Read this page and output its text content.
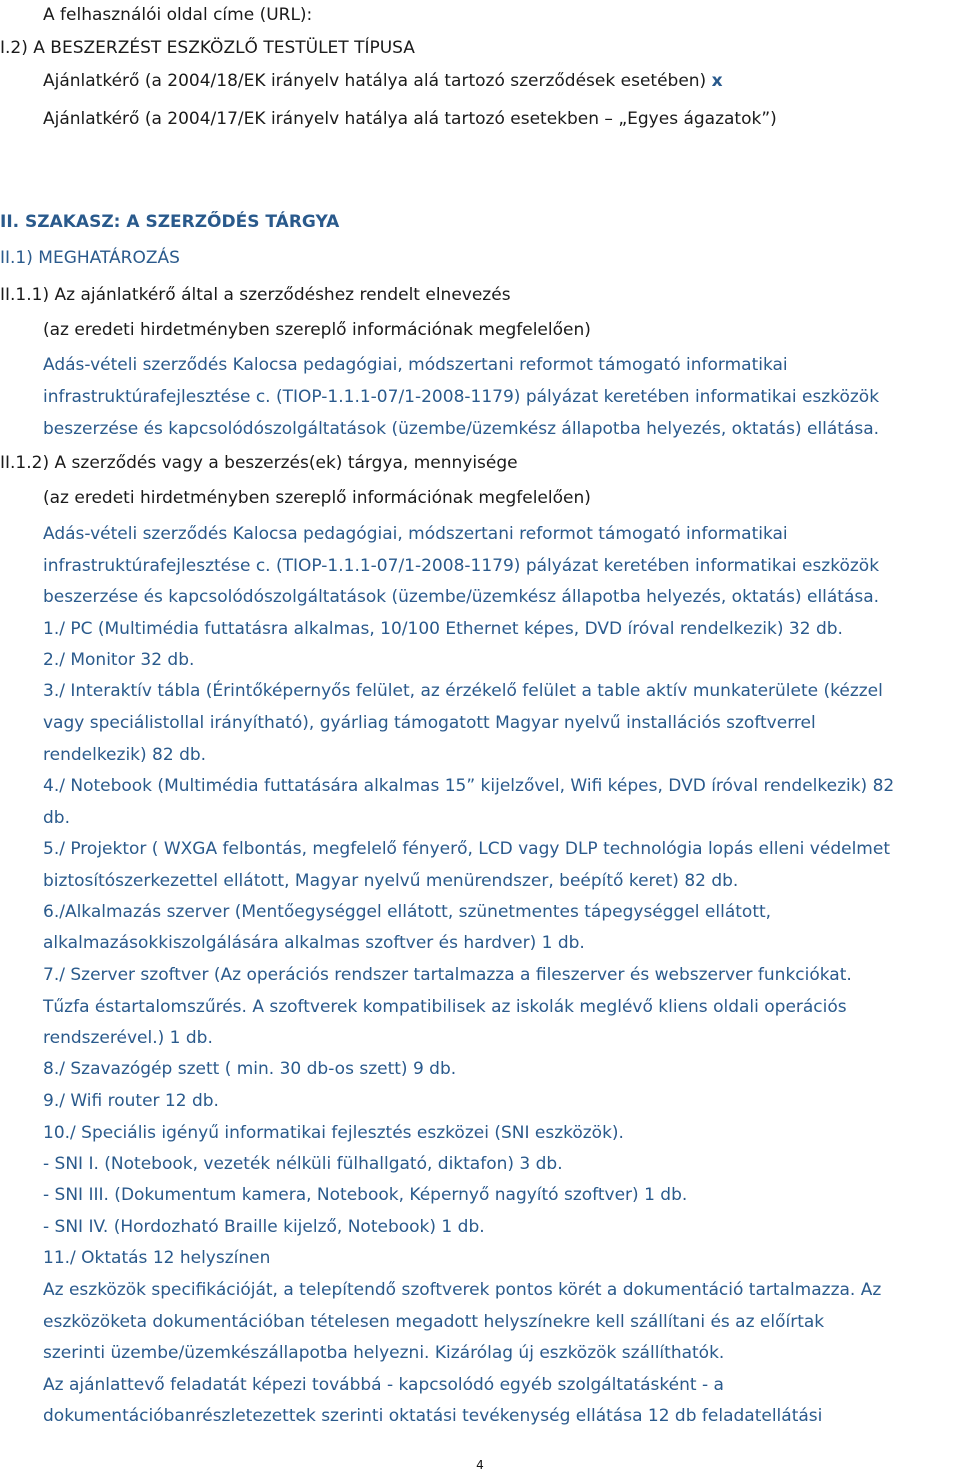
A felhasználói oldal címe (URL):
I.2) A BESZERZÉST ESZKÖZLŐ TESTÜLET TÍPUSA
Ajánlatkérő (a 2004/18/EK irányelv hatálya alá tartozó szerződések esetében) x
Ajánlatkérő (a 2004/17/EK irányelv hatálya alá tartozó esetekben – „Egyes ágazatok”)
II. SZAKASZ: A SZERZŐDÉS TÁRGYA
II.1) MEGHATÁROZÁS
II.1.1) Az ajánlatkérő által a szerződéshez rendelt elnevezés
(az eredeti hirdetményben szereplő információnak megfelelően)
Adás-vételi szerződés Kalocsa pedagógiai, módszertani reformot támogató informatikai
infrastruktúrafejlesztése c. (TIOP-1.1.1-07/1-2008-1179) pályázat keretében informatikai eszközök
beszerzése és kapcsolódószolgáltatások (üzembe/üzemkész állapotba helyezés, oktatás) ellátása.
II.1.2) A szerződés vagy a beszerzés(ek) tárgya, mennyisége
(az eredeti hirdetményben szereplő információnak megfelelően)
Adás-vételi szerződés Kalocsa pedagógiai, módszertani reformot támogató informatikai
infrastruktúrafejlesztése c. (TIOP-1.1.1-07/1-2008-1179) pályázat keretében informatikai eszközök
beszerzése és kapcsolódószolgáltatások (üzembe/üzemkész állapotba helyezés, oktatás) ellátása.
1./ PC (Multimédia futtatásra alkalmas, 10/100 Ethernet képes, DVD íróval rendelkezik) 32 db.
2./ Monitor 32 db.
3./ Interaktív tábla (Érintőképernyős felület, az érzékelő felület a table aktív munkaterülete (kézzel
vagy speciálistollal irányítható), gyárliag támogatott Magyar nyelvű installációs szoftverrel
rendelkezik) 82 db.
4./ Notebook (Multimédia futtatására alkalmas 15” kijelzővel, Wifi képes, DVD íróval rendelkezik) 82
db.
5./ Projektor ( WXGA felbontás, megfelelő fényerő, LCD vagy DLP technológia lopás elleni védelmet
biztosítószerkezettel ellátott, Magyar nyelvű menürendszer, beépítő keret) 82 db.
6./Alkalmazás szerver (Mentőegységgel ellátott, szünetmentes tápegységgel ellátott,
alkalmazásokkiszolgálására alkalmas szoftver és hardver) 1 db.
7./ Szerver szoftver (Az operációs rendszer tartalmazza a fileszerver és webszerver funkciókat.
Tűzfa éstartalomszűrés. A szoftverek kompatibilisek az iskolák meglévő kliens oldali operációs
rendszerével.) 1 db.
8./ Szavazógép szett ( min. 30 db-os szett) 9 db.
9./ Wifi router 12 db.
10./ Speciális igényű informatikai fejlesztés eszközei (SNI eszközök).
- SNI I. (Notebook, vezeték nélküli fülhallgató, diktafon) 3 db.
- SNI III. (Dokumentum kamera, Notebook, Képernyő nagyító szoftver) 1 db.
- SNI IV. (Hordozható Braille kijelző, Notebook) 1 db.
11./ Oktatás 12 helyszínen
Az eszközök specifikációját, a telepítendő szoftverek pontos körét a dokumentáció tartalmazza. Az
eszközöketa dokumentációban tételesen megadott helyszínekre kell szállítani és az előírtak
szerinti üzembe/üzemkészállapotba helyezni. Kizárólag új eszközök szállíthatók.
Az ajánlattevő feladatát képezi továbbá - kapcsolódó egyéb szolgáltatásként - a
dokumentációbanrészletezettek szerinti oktatási tevékenység ellátása 12 db feladatellátási
4
